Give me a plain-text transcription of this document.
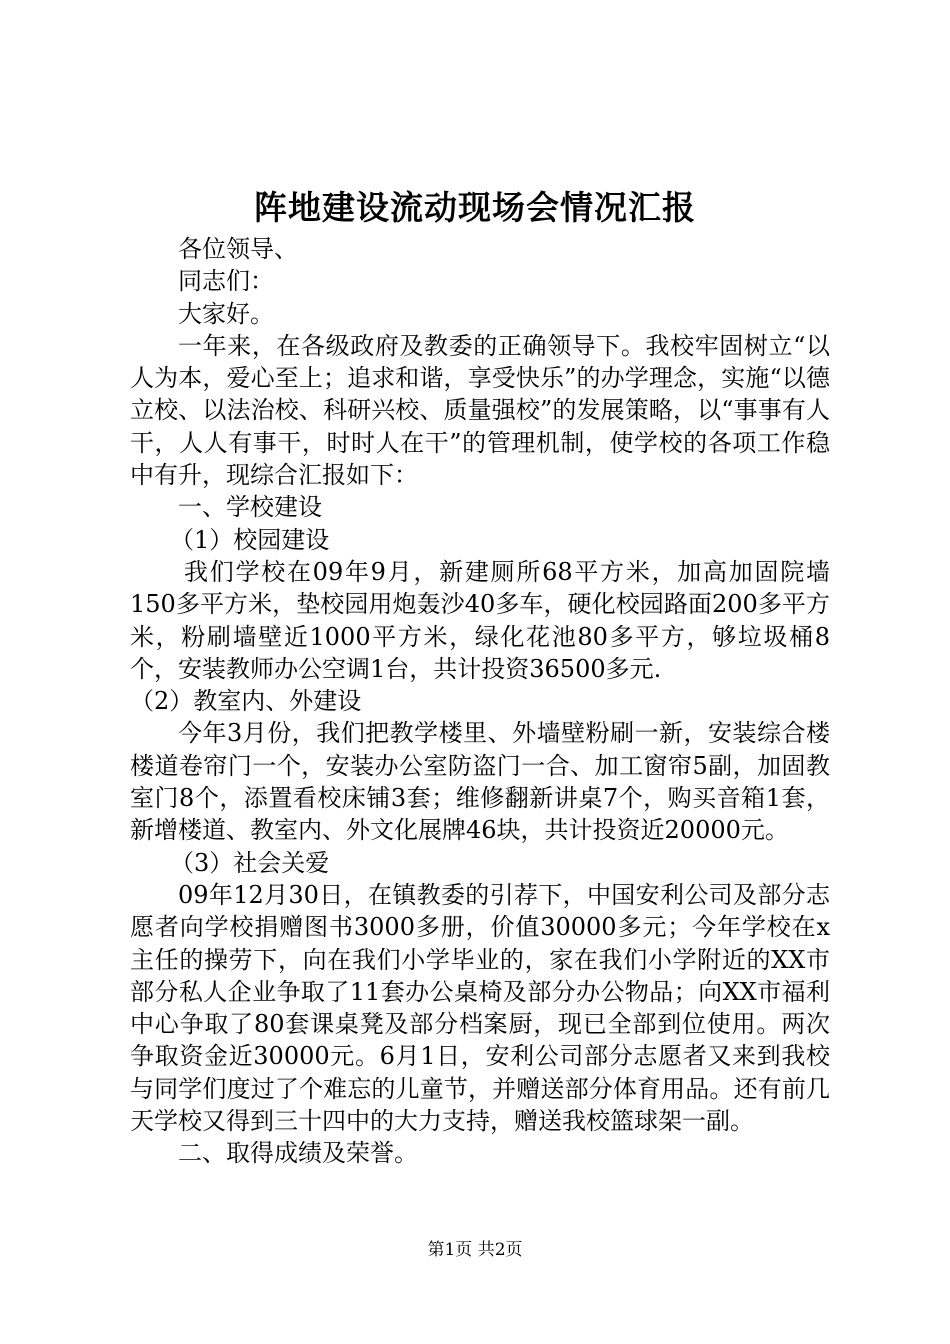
阵地建设流动现场会情况汇报

各位领导、

同志们：

大家好。

一年来，在各级政府及教委的正确领导下。我校牢固树立“以人为本，爱心至上；追求和谐，享受快乐”的办学理念，实施“以德立校、以法治校、科研兴校、质量强校”的发展策略，以“事事有人干，人人有事干，时时人在干”的管理机制，使学校的各项工作稳中有升，现综合汇报如下：

一、学校建设

（1）校园建设

我们学校在09年9月，新建厕所68平方米，加高加固院墙150多平方米，垫校园用炮轰沙40多车，硬化校园路面200多平方米，粉刷墙壁近1000平方米，绿化花池80多平方，够垃圾桶8个，安装教师办公空调1台，共计投资36500多元.

（2）教室内、外建设

今年3月份，我们把教学楼里、外墙壁粉刷一新，安装综合楼楼道卷帘门一个，安装办公室防盗门一合、加工窗帘5副，加固教室门8个，添置看校床铺3套；维修翻新讲桌7个，购买音箱1套，新增楼道、教室内、外文化展牌46块，共计投资近20000元。

（3）社会关爱

09年12月30日，在镇教委的引荐下，中国安利公司及部分志愿者向学校捐赠图书3000多册，价值30000多元；今年学校在x主任的操劳下，向在我们小学毕业的，家在我们小学附近的XX市部分私人企业争取了11套办公桌椅及部分办公物品；向XX市福利中心争取了80套课桌凳及部分档案厨，现已全部到位使用。两次争取资金近30000元。6月1日，安利公司部分志愿者又来到我校与同学们度过了个难忘的儿童节，并赠送部分体育用品。还有前几天学校又得到三十四中的大力支持，赠送我校篮球架一副。

二、取得成绩及荣誉。

第1页 共2页
